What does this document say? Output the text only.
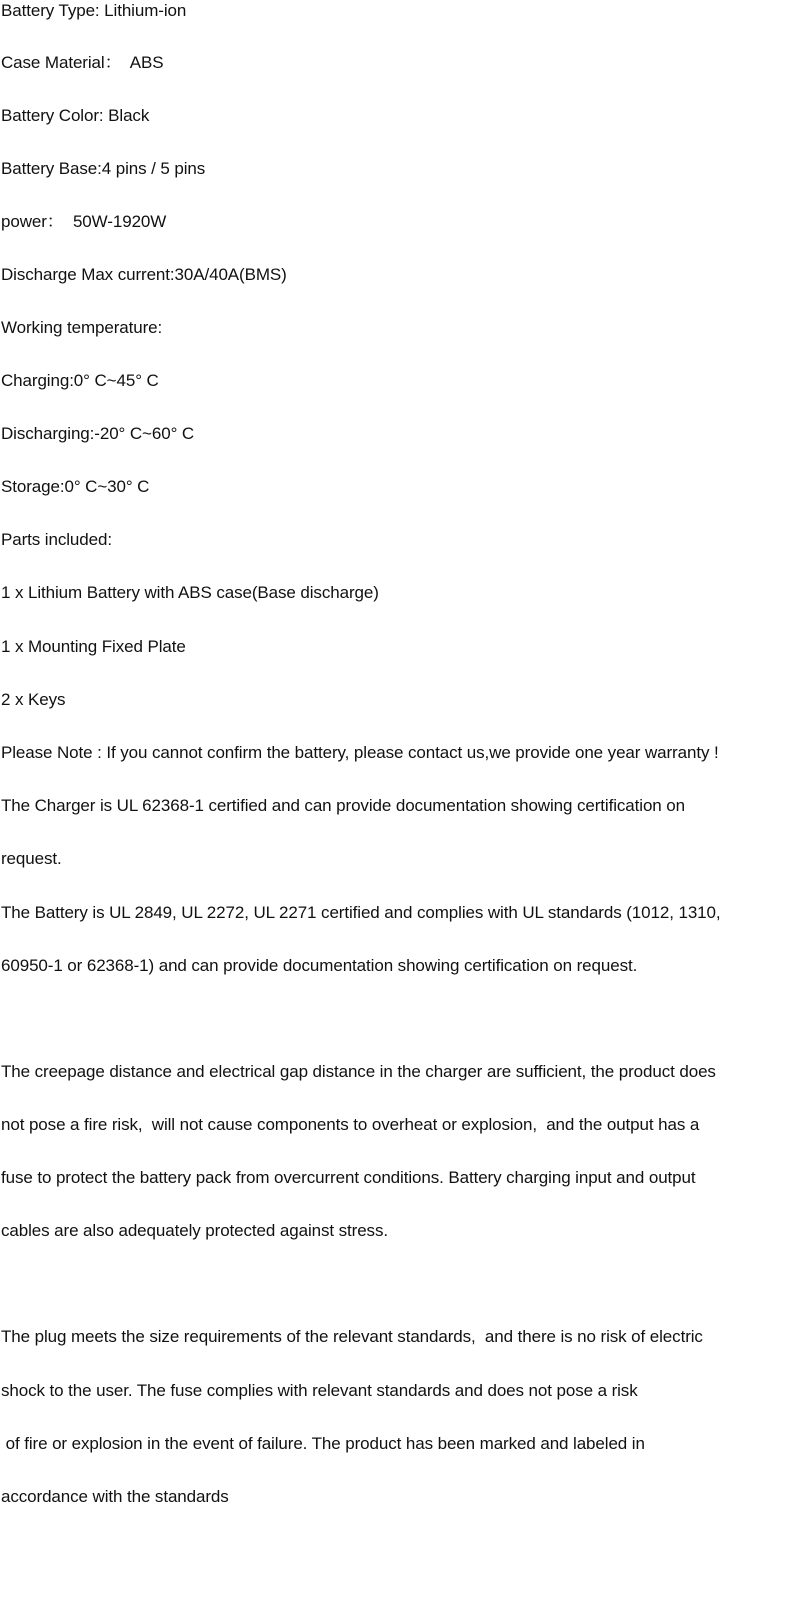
Battery Type: Lithium-ion
Case Material：  ABS
Battery Color: Black
Battery Base:4 pins / 5 pins
power：  50W-1920W
Discharge Max current:30A/40A(BMS)
Working temperature:
Charging:0° C~45° C
Discharging:-20° C~60° C
Storage:0° C~30° C
Parts included:
1 x Lithium Battery with ABS case(Base discharge)
1 x Mounting Fixed Plate
2 x Keys
Please Note : If you cannot confirm the battery, please contact us,we provide one year warranty !
The Charger is UL 62368-1 certified and can provide documentation showing certification on
request.
The Battery is UL 2849, UL 2272, UL 2271 certified and complies with UL standards (1012, 1310,
60950-1 or 62368-1) and can provide documentation showing certification on request.
The creepage distance and electrical gap distance in the charger are sufficient, the product does
not pose a fire risk,  will not cause components to overheat or explosion,  and the output has a
fuse to protect the battery pack from overcurrent conditions. Battery charging input and output
cables are also adequately protected against stress.
The plug meets the size requirements of the relevant standards,  and there is no risk of electric
shock to the user. The fuse complies with relevant standards and does not pose a risk
of fire or explosion in the event of failure. The product has been marked and labeled in
accordance with the standards
